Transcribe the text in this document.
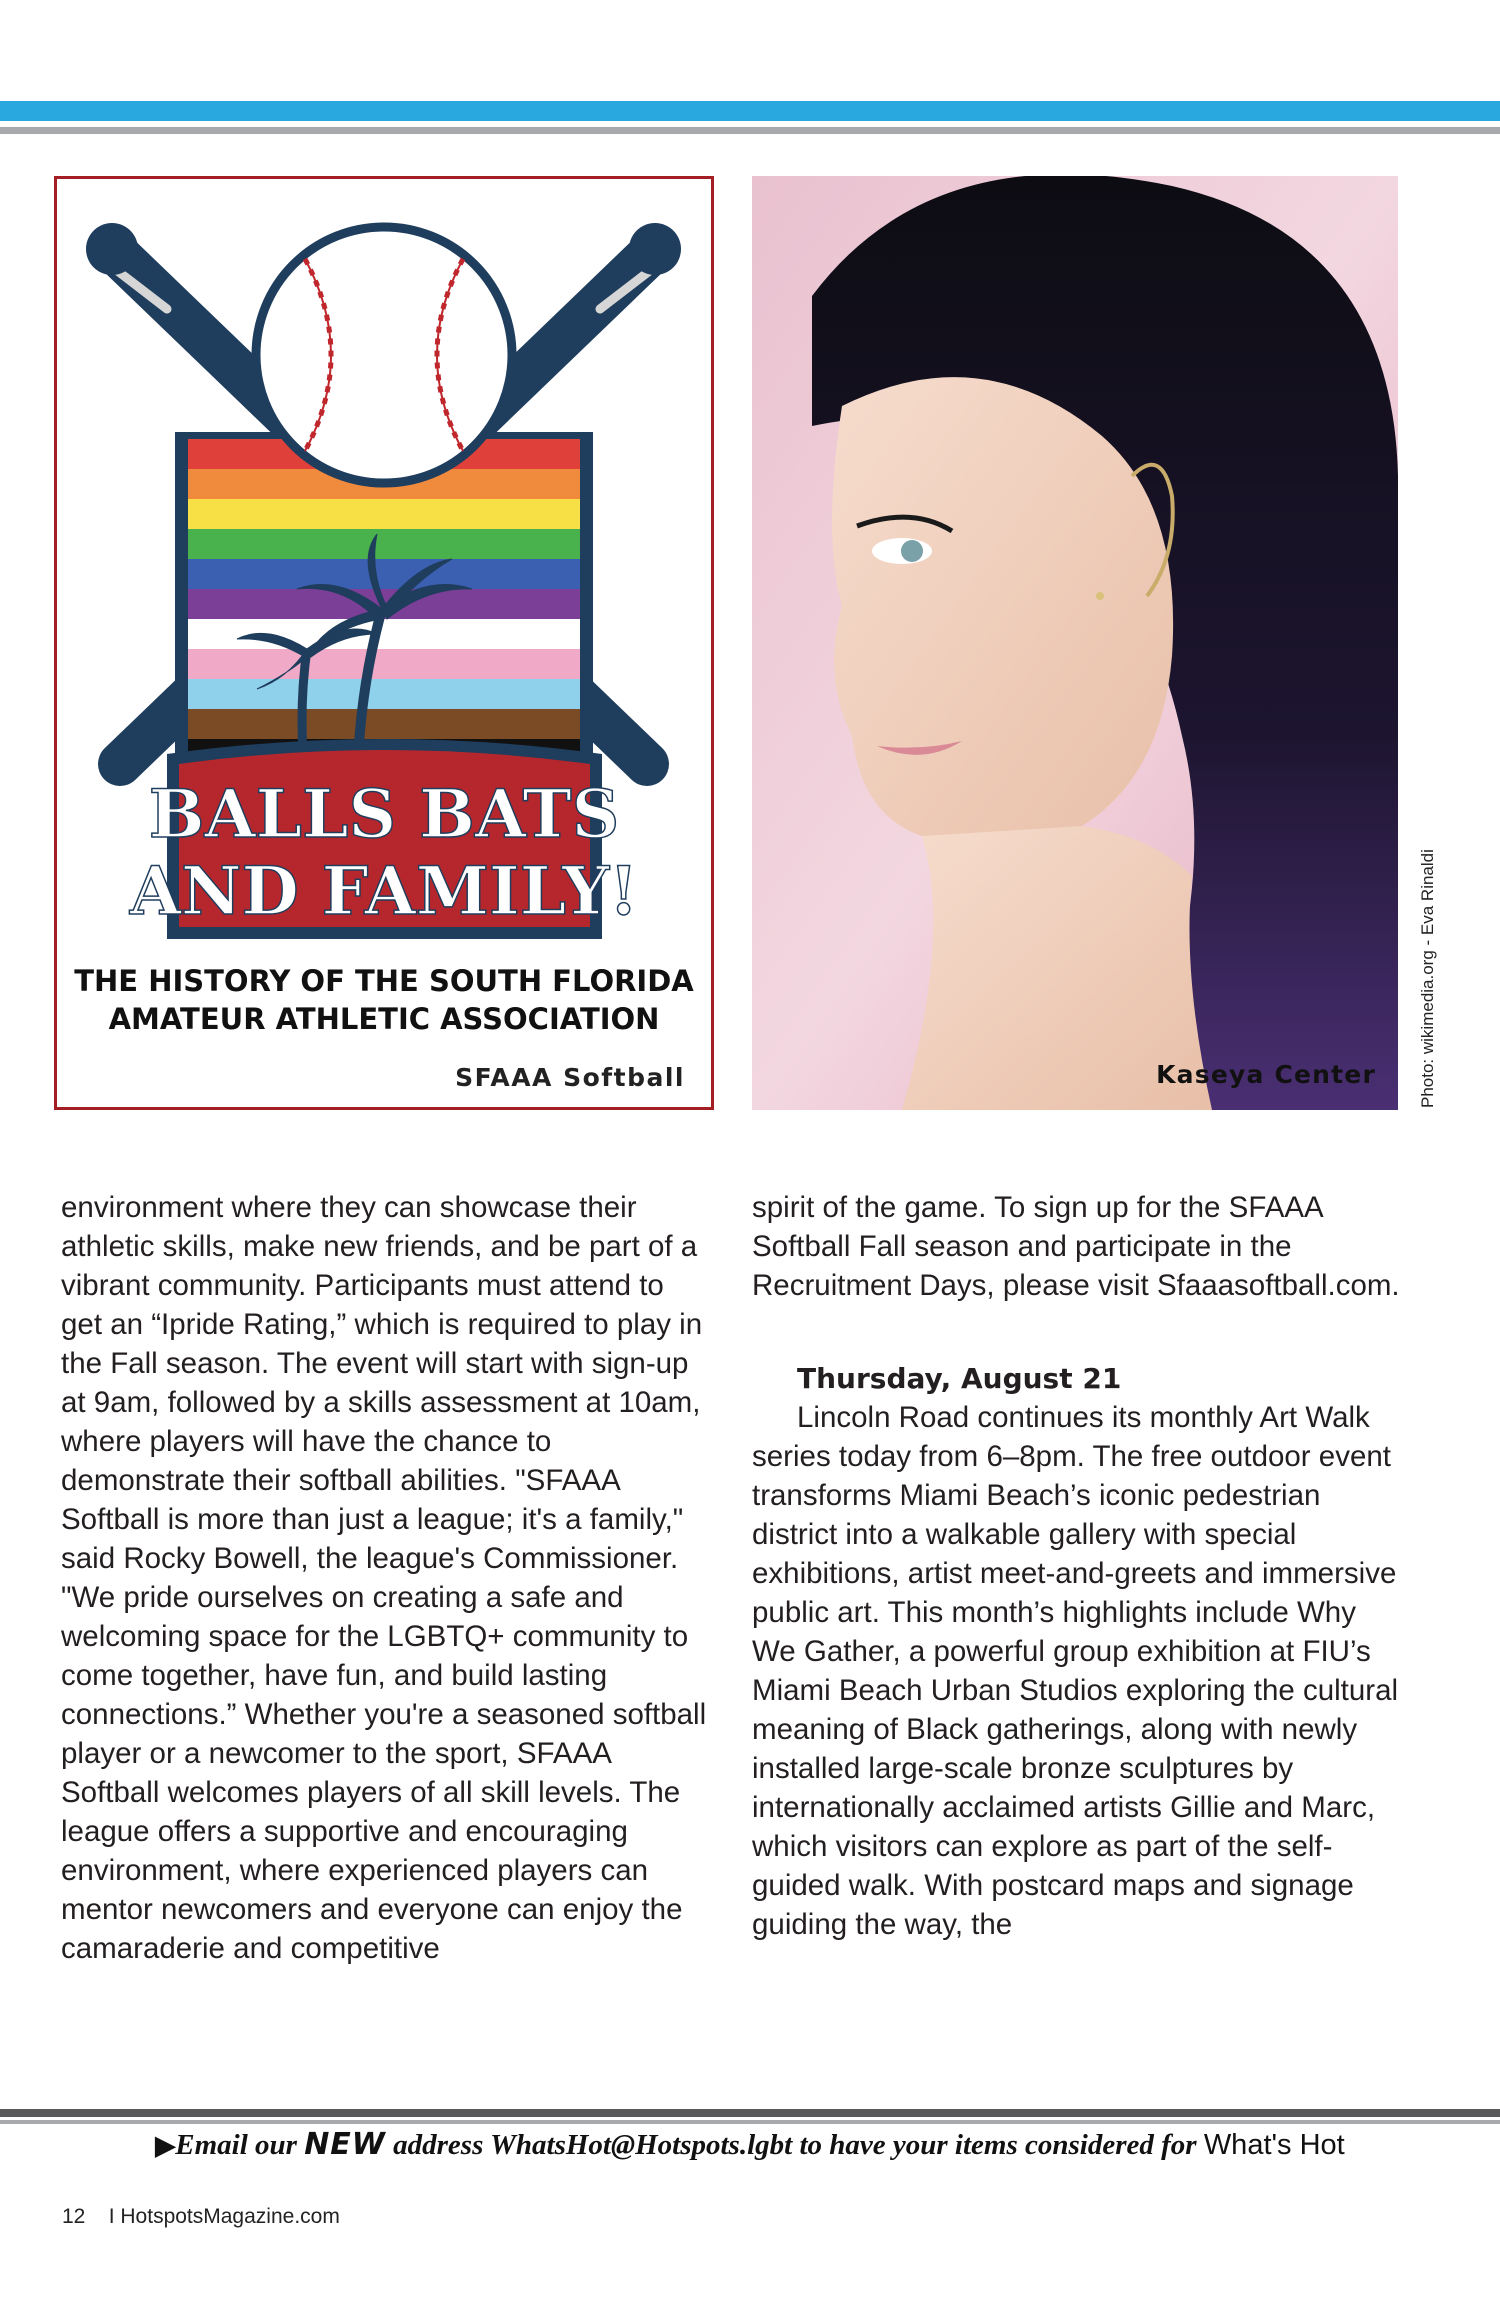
BALLS BATS
AND FAMILY!
THE HISTORY OF THE SOUTH FLORIDA
AMATEUR ATHLETIC ASSOCIATION
SFAAA Softball	Kaseya Center Photo: wikimedia.org - Eva Rinaldi

environment where they can showcase their athletic skills, make new friends, and be part of a vibrant community. Participants must attend to get an “Ipride Rating,” which is required to play in the Fall season. The event will start with sign-up at 9am, followed by a skills assessment at 10am, where players will have the chance to demonstrate their softball abilities. "SFAAA Softball is more than just a league; it's a family," said Rocky Bowell, the league's Commissioner. "We pride ourselves on creating a safe and welcoming space for the LGBTQ+ community to come together, have fun, and build lasting connections.” Whether you're a seasoned softball player or a newcomer to the sport, SFAAA Softball welcomes players of all skill levels. The league offers a supportive and encouraging environment, where experienced players can mentor newcomers and everyone can enjoy the camaraderie and competitive

spirit of the game. To sign up for the SFAAA Softball Fall season and participate in the Recruitment Days, please visit Sfaaasoftball.com.

Thursday, August 21

Lincoln Road continues its monthly Art Walk series today from 6–8pm. The free outdoor event transforms Miami Beach’s iconic pedestrian district into a walkable gallery with special exhibitions, artist meet-and-greets and immersive public art. This month’s highlights include Why We Gather, a powerful group exhibition at FIU’s Miami Beach Urban Studios exploring the cultural meaning of Black gatherings, along with newly installed large-scale bronze sculptures by internationally acclaimed artists Gillie and Marc, which visitors can explore as part of the self-guided walk. With postcard maps and signage guiding the way, the

▶Email our NEW address WhatsHot@Hotspots.lgbt to have your items considered for What's Hot
12 I HotspotsMagazine.com
